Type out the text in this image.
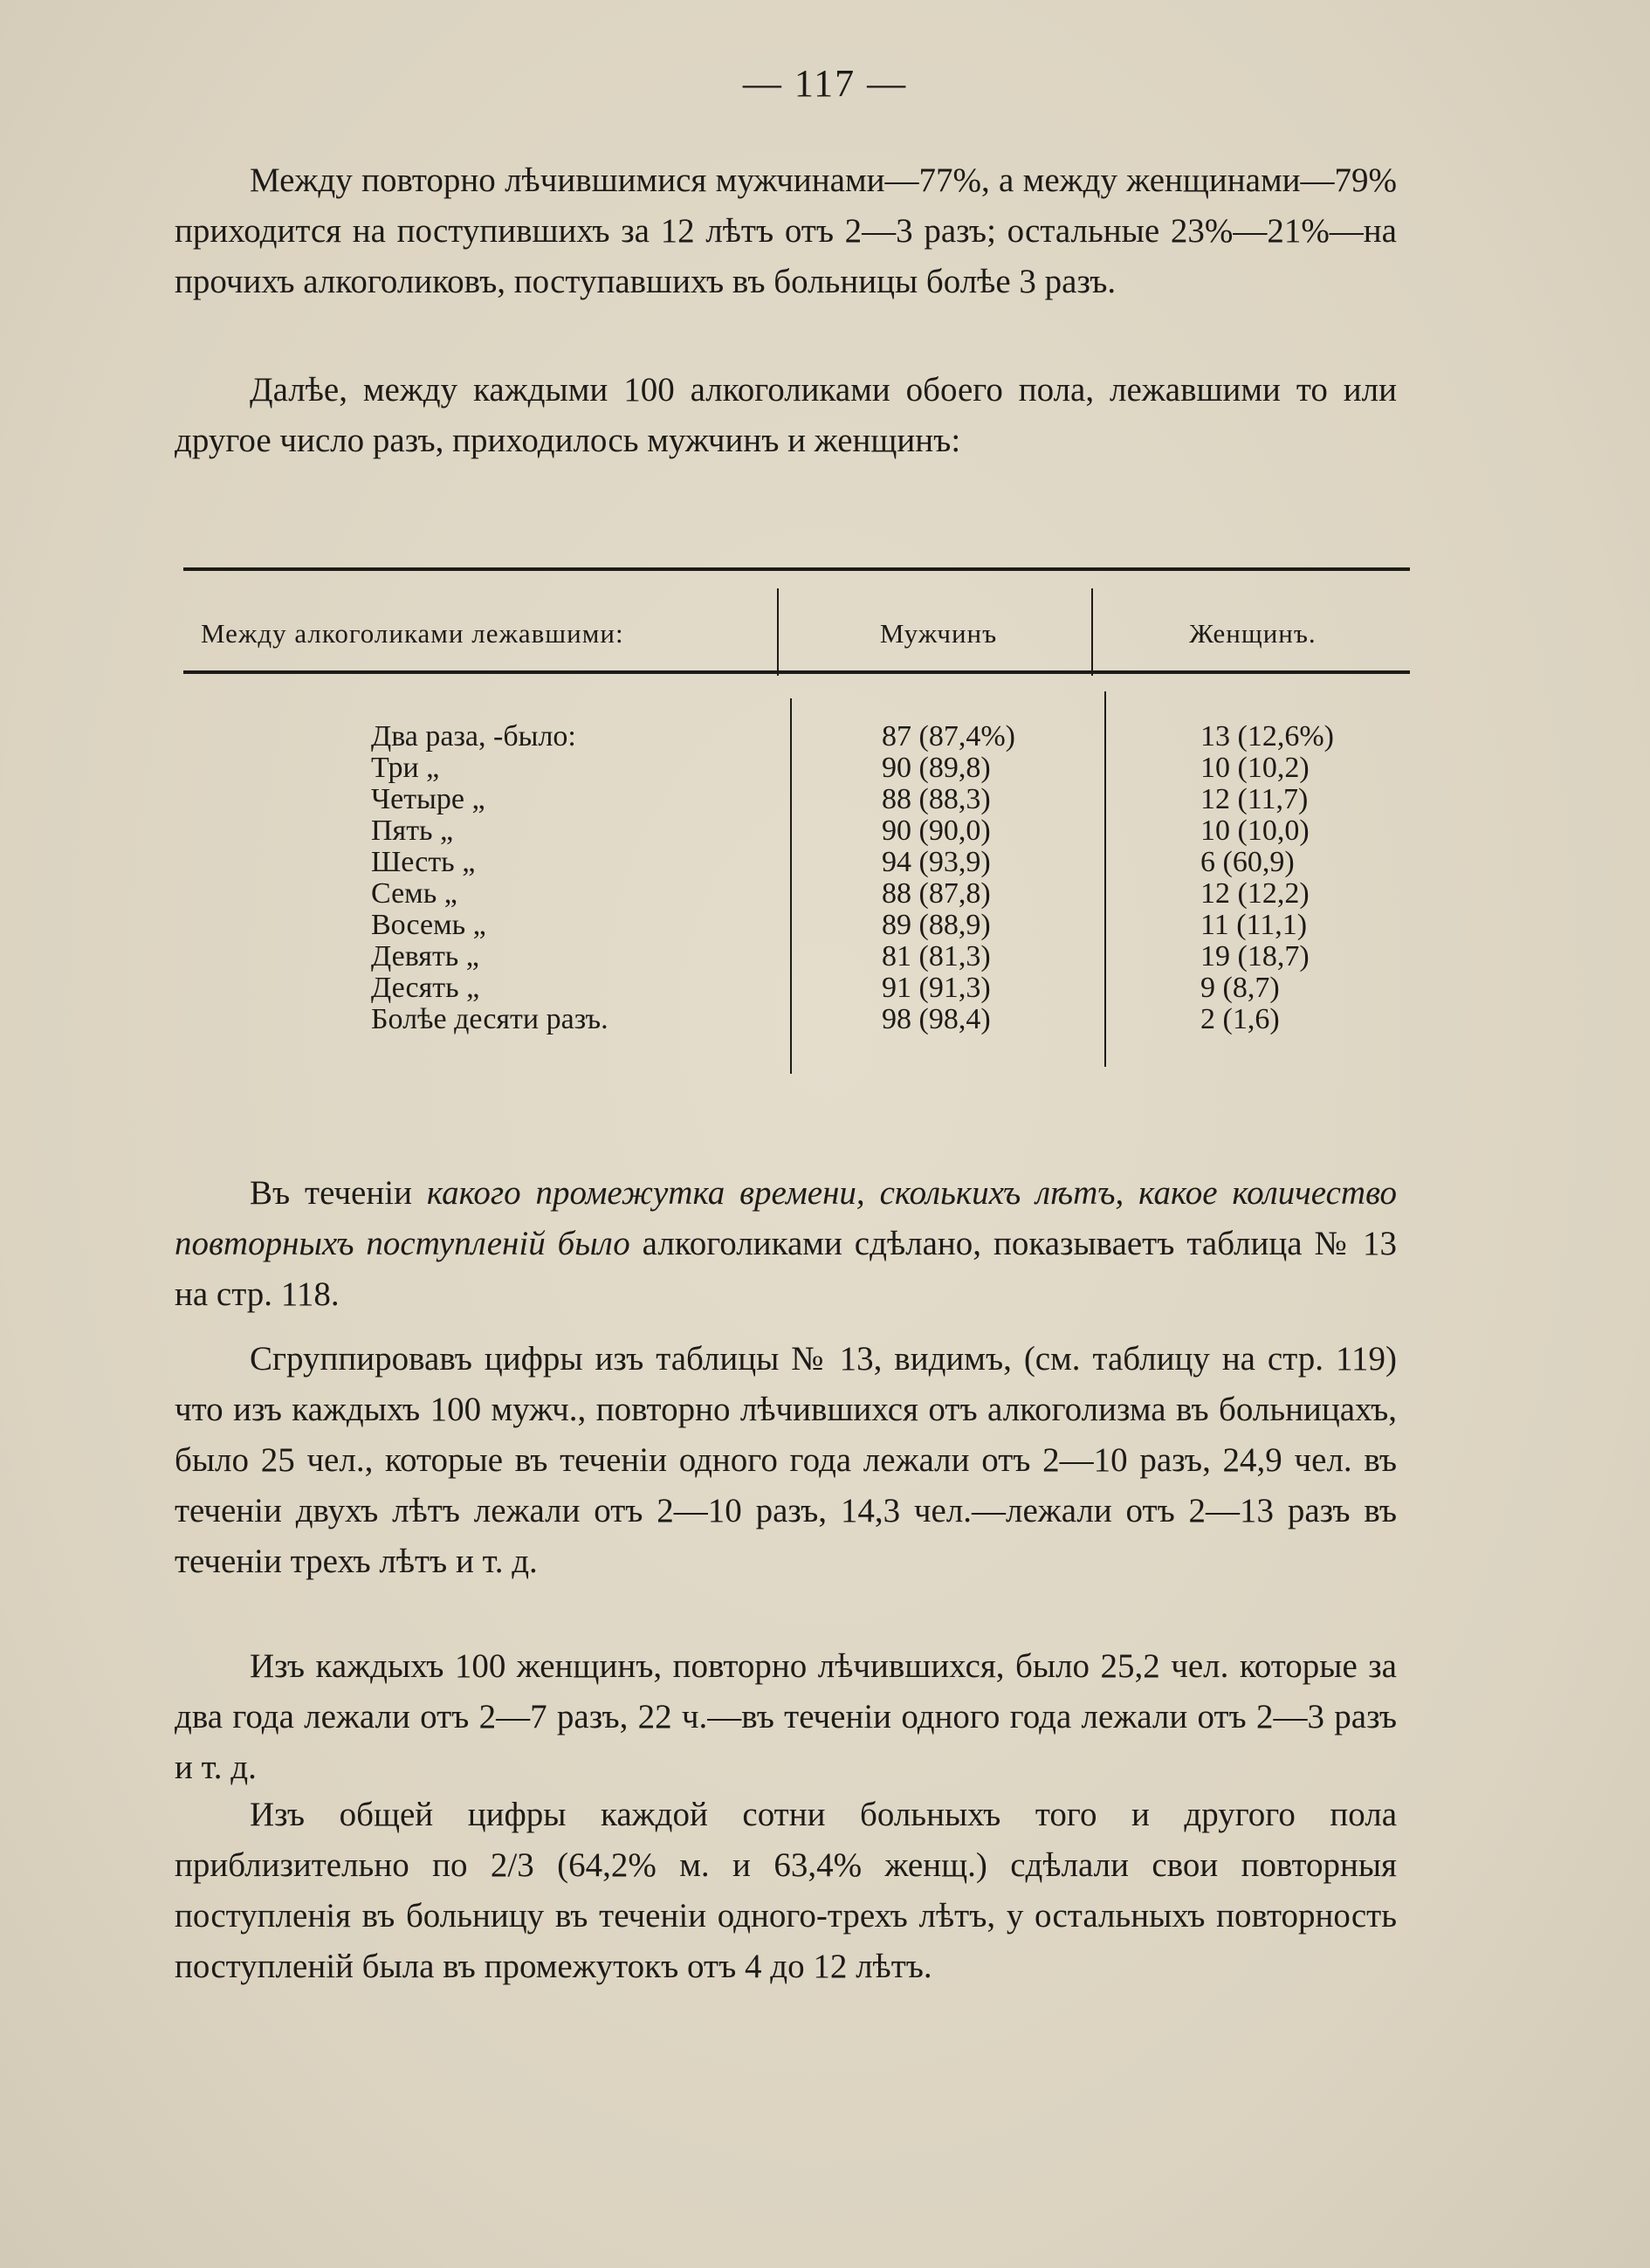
— 117 —
Между повторно лѣчившимися мужчинами—77%, а между женщинами—79% приходится на поступившихъ за 12 лѣтъ отъ 2—3 разъ; остальные 23%—21%—на прочихъ алкоголиковъ, поступавшихъ въ больницы болѣе 3 разъ.
Далѣе, между каждыми 100 алкоголиками обоего пола, лежавшими то или другое число разъ, приходилось мужчинъ и женщинъ:
Между алкоголиками лежавшими:	Мужчинъ	Женщинъ.
Два раза, -было:	87 (87,4%)	13 (12,6%)
Три „	90 (89,8)	10 (10,2)
Четыре „	88 (88,3)	12 (11,7)
Пять „	90 (90,0)	10 (10,0)
Шесть „	94 (93,9)	6 (60,9)
Семь „	88 (87,8)	12 (12,2)
Восемь „	89 (88,9)	11 (11,1)
Девять „	81 (81,3)	19 (18,7)
Десять „	91 (91,3)	9 (8,7)
Болѣе десяти разъ.	98 (98,4)	2 (1,6)
Въ теченіи какого промежутка времени, сколькихъ лѣтъ, какое количество повторныхъ поступленій было алкоголиками сдѣлано, показываетъ таблица № 13 на стр. 118.
Сгруппировавъ цифры изъ таблицы № 13, видимъ, (см. таблицу на стр. 119) что изъ каждыхъ 100 мужч., повторно лѣчившихся отъ алкоголизма въ больницахъ, было 25 чел., которые въ теченіи одного года лежали отъ 2—10 разъ, 24,9 чел. въ теченіи двухъ лѣтъ лежали отъ 2—10 разъ, 14,3 чел.—лежали отъ 2—13 разъ въ теченіи трехъ лѣтъ и т. д.
Изъ каждыхъ 100 женщинъ, повторно лѣчившихся, было 25,2 чел. которые за два года лежали отъ 2—7 разъ, 22 ч.—въ теченіи одного года лежали отъ 2—3 разъ и т. д.
Изъ общей цифры каждой сотни больныхъ того и другого пола приблизительно по 2/3 (64,2% м. и 63,4% женщ.) сдѣлали свои повторныя поступленія въ больницу въ теченіи одного-трехъ лѣтъ, у остальныхъ повторность поступленій была въ промежутокъ отъ 4 до 12 лѣтъ.
